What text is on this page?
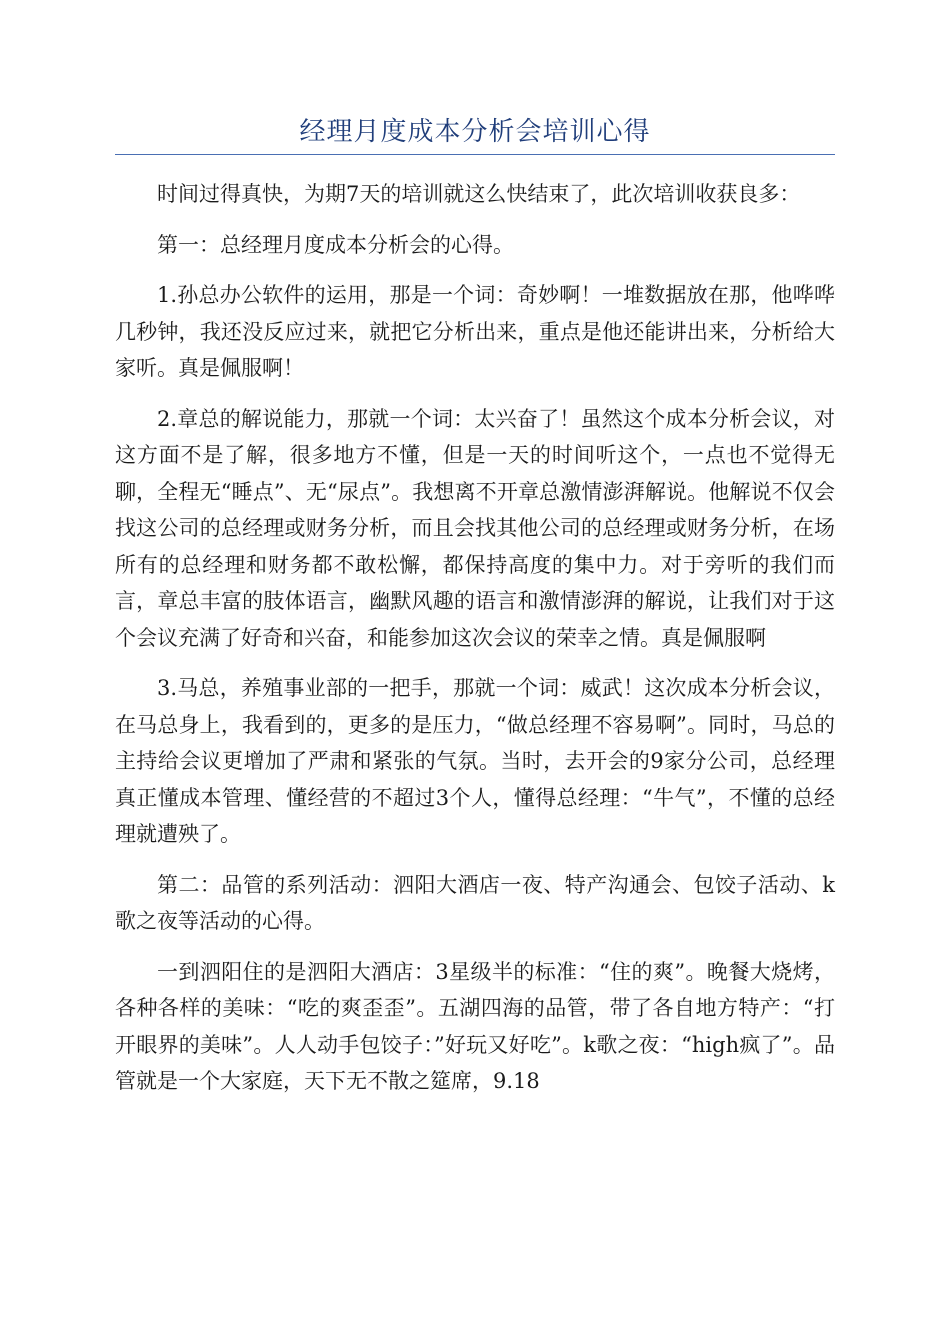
经理月度成本分析会培训心得

时间过得真快，为期7天的培训就这么快结束了，此次培训收获良多：

第一：总经理月度成本分析会的心得。

1.孙总办公软件的运用，那是一个词：奇妙啊！一堆数据放在那，他哗哗几秒钟，我还没反应过来，就把它分析出来，重点是他还能讲出来，分析给大家听。真是佩服啊！

2.章总的解说能力，那就一个词：太兴奋了！虽然这个成本分析会议，对这方面不是了解，很多地方不懂，但是一天的时间听这个，一点也不觉得无聊，全程无“睡点”、无“尿点”。我想离不开章总激情澎湃解说。他解说不仅会找这公司的总经理或财务分析，而且会找其他公司的总经理或财务分析，在场所有的总经理和财务都不敢松懈，都保持高度的集中力。对于旁听的我们而言，章总丰富的肢体语言，幽默风趣的语言和激情澎湃的解说，让我们对于这个会议充满了好奇和兴奋，和能参加这次会议的荣幸之情。真是佩服啊

3.马总，养殖事业部的一把手，那就一个词：威武！这次成本分析会议，在马总身上，我看到的，更多的是压力，“做总经理不容易啊”。同时，马总的主持给会议更增加了严肃和紧张的气氛。当时，去开会的9家分公司，总经理真正懂成本管理、懂经营的不超过3个人，懂得总经理：“牛气”，不懂的总经理就遭殃了。

第二：品管的系列活动：泗阳大酒店一夜、特产沟通会、包饺子活动、k歌之夜等活动的心得。

一到泗阳住的是泗阳大酒店：3星级半的标准：“住的爽”。晚餐大烧烤，各种各样的美味：“吃的爽歪歪”。五湖四海的品管，带了各自地方特产：“打开眼界的美味”。人人动手包饺子：”好玩又好吃”。k歌之夜：“high疯了”。品管就是一个大家庭，天下无不散之筵席，9.18
